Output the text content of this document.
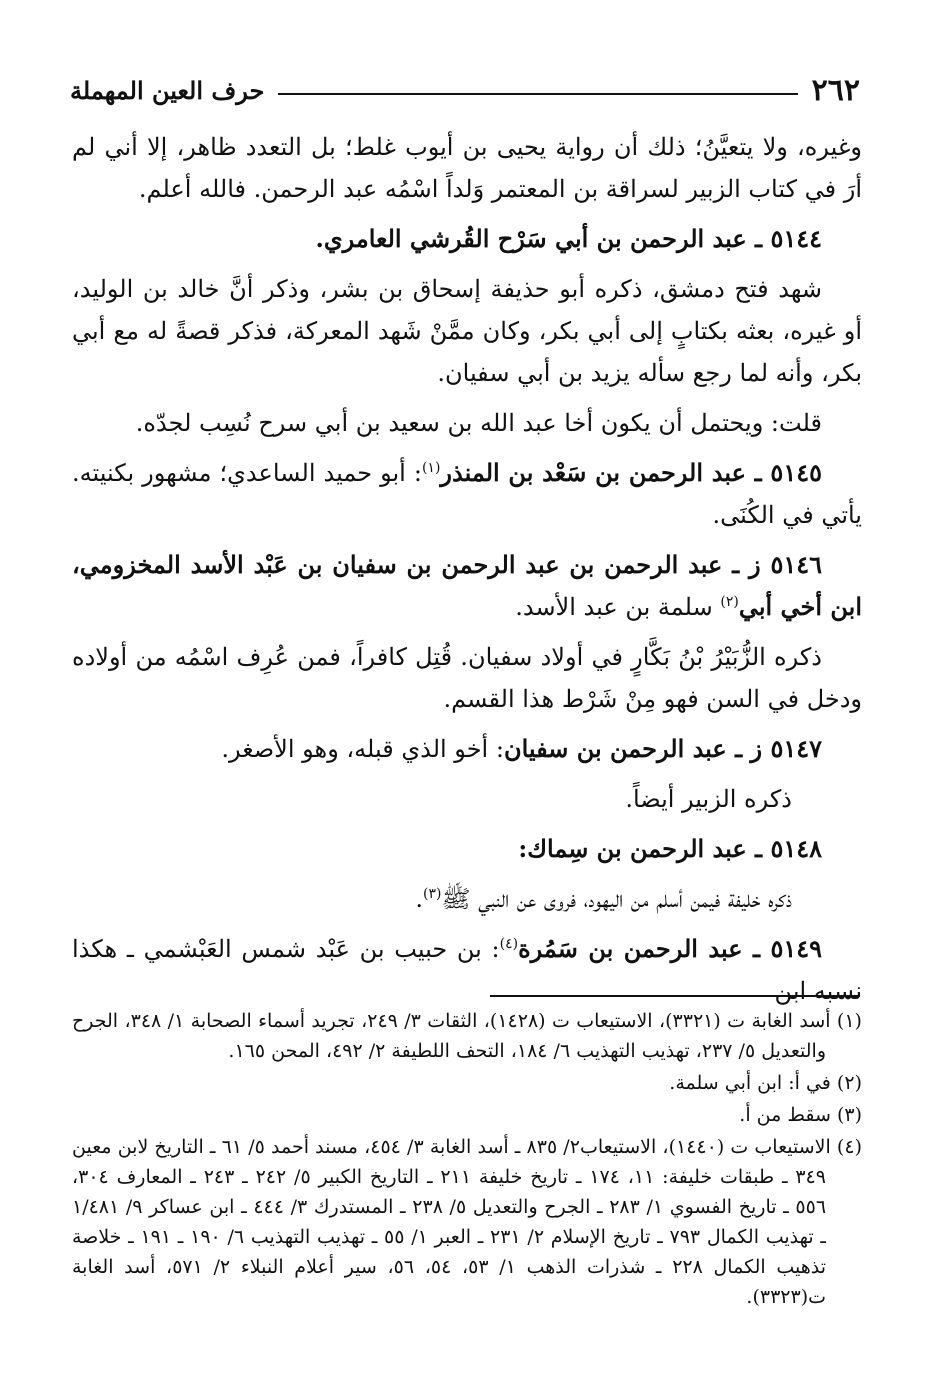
٢٦٢
حرف العين المهملة

وغيره، ولا يتعيَّنُ؛ ذلك أن رواية يحيى بن أيوب غلط؛ بل التعدد ظاهر، إلا أني لم أرَ في كتاب الزبير لسراقة بن المعتمر وَلداً اسْمُه عبد الرحمن. فالله أعلم.

٥١٤٤ ـ عبد الرحمن بن أبي سَرْح القُرشي العامري.

شهد فتح دمشق، ذكره أبو حذيفة إسحاق بن بشر، وذكر أنَّ خالد بن الوليد، أو غيره، بعثه بكتابٍ إلى أبي بكر، وكان ممَّنْ شَهد المعركة، فذكر قصةً له مع أبي بكر، وأنه لما رجع سأله يزيد بن أبي سفيان.

قلت: ويحتمل أن يكون أخا عبد الله بن سعيد بن أبي سرح نُسِب لجدّه.

٥١٤٥ ـ عبد الرحمن بن سَعْد بن المنذر$^{(١)}$: أبو حميد الساعدي؛ مشهور بكنيته. يأتي في الكُنَى.

٥١٤٦ ز ـ عبد الرحمن بن عبد الرحمن بن سفيان بن عَبْد الأسد المخزومي، ابن أخي أبي$^{(٢)}$ سلمة بن عبد الأسد.

ذكره الزُّبَيْرُ بْنُ بَكَّارٍ في أولاد سفيان. قُتِل كافراً، فمن عُرِف اسْمُه من أولاده ودخل في السن فهو مِنْ شَرْط هذا القسم.

٥١٤٧ ز ـ عبد الرحمن بن سفيان: أخو الذي قبله، وهو الأصغر.

ذكره الزبير أيضاً.

٥١٤٨ ـ عبد الرحمن بن سِماك:

ذكره خليفة فيمن أسلم من اليهود، فروى عن النبي ﷺ$^{(٣)}$.

٥١٤٩ ـ عبد الرحمن بن سَمُرة$^{(٤)}$: بن حبيب بن عَبْد شمس العَبْشمي ـ هكذا نسبه ابن

(١) أسد الغابة ت (٣٣٢١)، الاستيعاب ت (١٤٢٨)، الثقات ٣/ ٢٤٩، تجريد أسماء الصحابة ١/ ٣٤٨، الجرح والتعديل ٥/ ٢٣٧، تهذيب التهذيب ٦/ ١٨٤، التحف اللطيفة ٢/ ٤٩٢، المحن ١٦٥.

(٢) في أ: ابن أبي سلمة.

(٣) سقط من أ.

(٤) الاستيعاب ت (١٤٤٠)، الاستيعاب٢/ ٨٣٥ ـ أسد الغابة ٣/ ٤٥٤، مسند أحمد ٥/ ٦١ ـ التاريخ لابن معين ٣٤٩ ـ طبقات خليفة: ١١، ١٧٤ ـ تاريخ خليفة ٢١١ ـ التاريخ الكبير ٥/ ٢٤٢ ـ ٢٤٣ ـ المعارف ٣٠٤، ٥٥٦ ـ تاريخ الفسوي ١/ ٢٨٣ ـ الجرح والتعديل ٥/ ٢٣٨ ـ المستدرك ٣/ ٤٤٤ ـ ابن عساكر ٩/ ١/٤٨١ ـ تهذيب الكمال ٧٩٣ ـ تاريخ الإسلام ٢/ ٢٣١ ـ العبر ١/ ٥٥ ـ تهذيب التهذيب ٦/ ١٩٠ ـ ١٩١ ـ خلاصة تذهيب الكمال ٢٢٨ ـ شذرات الذهب ١/ ٥٣، ٥٤، ٥٦، سير أعلام النبلاء ٢/ ٥٧١، أسد الغابة ت(٣٣٢٣).
